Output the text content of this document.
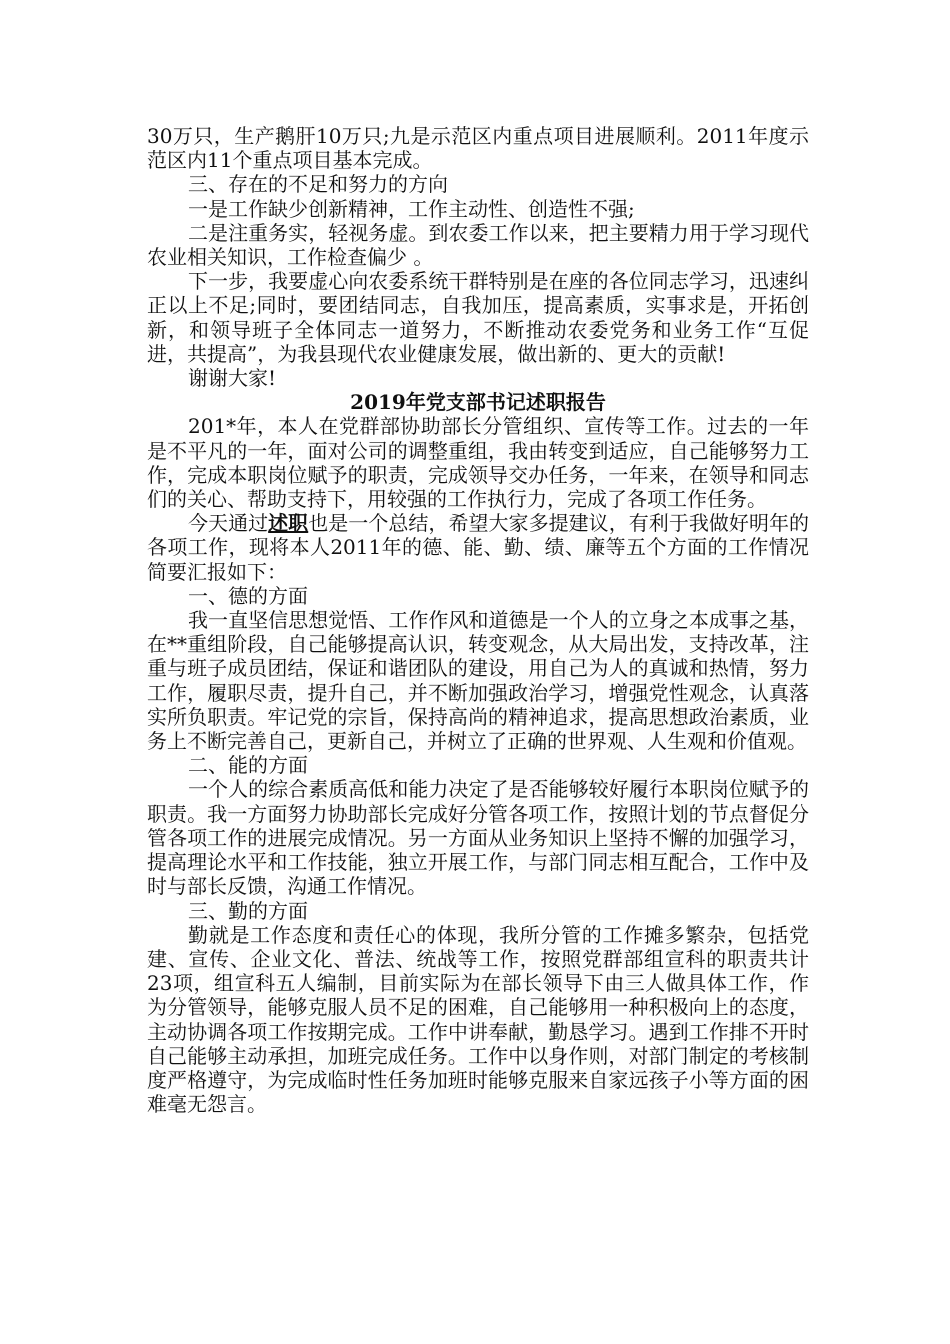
30万只，生产鹅肝10万只;九是示范区内重点项目进展顺利。2011年度示范区内11个重点项目基本完成。

三、存在的不足和努力的方向

一是工作缺少创新精神，工作主动性、创造性不强;

二是注重务实，轻视务虚。到农委工作以来，把主要精力用于学习现代农业相关知识，工作检查偏少 。

下一步，我要虚心向农委系统干群特别是在座的各位同志学习，迅速纠正以上不足;同时，要团结同志，自我加压，提高素质，实事求是，开拓创新，和领导班子全体同志一道努力，不断推动农委党务和业务工作“互促进，共提高”，为我县现代农业健康发展，做出新的、更大的贡献!

谢谢大家!

2019年党支部书记述职报告

201*年，本人在党群部协助部长分管组织、宣传等工作。过去的一年是不平凡的一年，面对公司的调整重组，我由转变到适应，自己能够努力工作，完成本职岗位赋予的职责，完成领导交办任务，一年来，在领导和同志们的关心、帮助支持下，用较强的工作执行力，完成了各项工作任务。

今天通过述职也是一个总结，希望大家多提建议，有利于我做好明年的各项工作，现将本人2011年的德、能、勤、绩、廉等五个方面的工作情况简要汇报如下：

一、德的方面

我一直坚信思想觉悟、工作作风和道德是一个人的立身之本成事之基，在**重组阶段，自己能够提高认识，转变观念，从大局出发，支持改革，注重与班子成员团结，保证和谐团队的建设，用自己为人的真诚和热情，努力工作，履职尽责，提升自己，并不断加强政治学习，增强党性观念，认真落实所负职责。牢记党的宗旨，保持高尚的精神追求，提高思想政治素质，业务上不断完善自己，更新自己，并树立了正确的世界观、人生观和价值观。

二、能的方面

一个人的综合素质高低和能力决定了是否能够较好履行本职岗位赋予的职责。我一方面努力协助部长完成好分管各项工作，按照计划的节点督促分管各项工作的进展完成情况。另一方面从业务知识上坚持不懈的加强学习，提高理论水平和工作技能，独立开展工作，与部门同志相互配合，工作中及时与部长反馈，沟通工作情况。

三、勤的方面

勤就是工作态度和责任心的体现，我所分管的工作摊多繁杂，包括党建、宣传、企业文化、普法、统战等工作，按照党群部组宣科的职责共计23项，组宣科五人编制，目前实际为在部长领导下由三人做具体工作，作为分管领导，能够克服人员不足的困难，自己能够用一种积极向上的态度，主动协调各项工作按期完成。工作中讲奉献，勤恳学习。遇到工作排不开时自己能够主动承担，加班完成任务。工作中以身作则，对部门制定的考核制度严格遵守，为完成临时性任务加班时能够克服来自家远孩子小等方面的困难毫无怨言。
